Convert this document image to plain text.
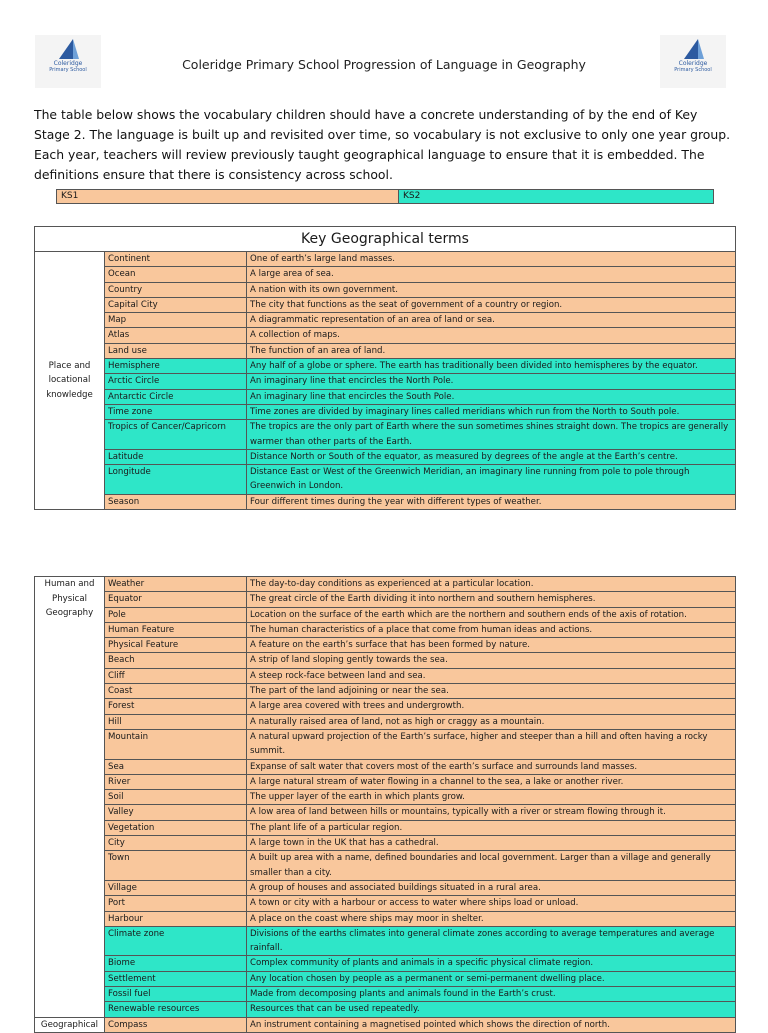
Coleridge
Primary School
Coleridge
Primary School
Coleridge Primary School Progression of Language in Geography

The table below shows the vocabulary children should have a concrete understanding of by the end of Key Stage 2. The language is built up and revisited over time, so vocabulary is not exclusive to only one year group. Each year, teachers will review previously taught geographical language to ensure that it is embedded. The definitions ensure that there is consistency across school.

KS1	KS2
Key Geographical terms		
Place and locational knowledge	Continent	One of earth’s large land masses.
	Ocean	A large area of sea.
	Country	A nation with its own government.
	Capital City	The city that functions as the seat of government of a country or region.
	Map	A diagrammatic representation of an area of land or sea.
	Atlas	A collection of maps.
	Land use	The function of an area of land.
	Hemisphere	Any half of a globe or sphere. The earth has traditionally been divided into hemispheres by the equator.
	Arctic Circle	An imaginary line that encircles the North Pole.
	Antarctic Circle	An imaginary line that encircles the South Pole.
	Time zone	Time zones are divided by imaginary lines called meridians which run from the North to South pole.
	Tropics of Cancer/Capricorn	The tropics are the only part of Earth where the sun sometimes shines straight down. The tropics are generally warmer than other parts of the Earth.
	Latitude	Distance North or South of the equator, as measured by degrees of the angle at the Earth’s centre.
	Longitude	Distance East or West of the Greenwich Meridian, an imaginary line running from pole to pole through Greenwich in London.
	Season	Four different times during the year with different types of weather.
Human and Physical Geography	Weather	The day-to-day conditions as experienced at a particular location.
	Equator	The great circle of the Earth dividing it into northern and southern hemispheres.
	Pole	Location on the surface of the earth which are the northern and southern ends of the axis of rotation.
	Human Feature	The human characteristics of a place that come from human ideas and actions.
	Physical Feature	A feature on the earth’s surface that has been formed by nature.
	Beach	A strip of land sloping gently towards the sea.
	Cliff	A steep rock-face between land and sea.
	Coast	The part of the land adjoining or near the sea.
	Forest	A large area covered with trees and undergrowth.
	Hill	A naturally raised area of land, not as high or craggy as a mountain.
	Mountain	A natural upward projection of the Earth’s surface, higher and steeper than a hill and often having a rocky summit.
	Sea	Expanse of salt water that covers most of the earth’s surface and surrounds land masses.
	River	A large natural stream of water flowing in a channel to the sea, a lake or another river.
	Soil	The upper layer of the earth in which plants grow.
	Valley	A low area of land between hills or mountains, typically with a river or stream flowing through it.
	Vegetation	The plant life of a particular region.
	City	A large town in the UK that has a cathedral.
	Town	A built up area with a name, defined boundaries and local government. Larger than a village and generally smaller than a city.
	Village	A group of houses and associated buildings situated in a rural area.
	Port	A town or city with a harbour or access to water where ships load or unload.
	Harbour	A place on the coast where ships may moor in shelter.
	Climate zone	Divisions of the earths climates into general climate zones according to average temperatures and average rainfall.
	Biome	Complex community of plants and animals in a specific physical climate region.
	Settlement	Any location chosen by people as a permanent or semi-permanent dwelling place.
	Fossil fuel	Made from decomposing plants and animals found in the Earth’s crust.
	Renewable resources	Resources that can be used repeatedly.
Geographical	Compass	An instrument containing a magnetised pointed which shows the direction of north.
